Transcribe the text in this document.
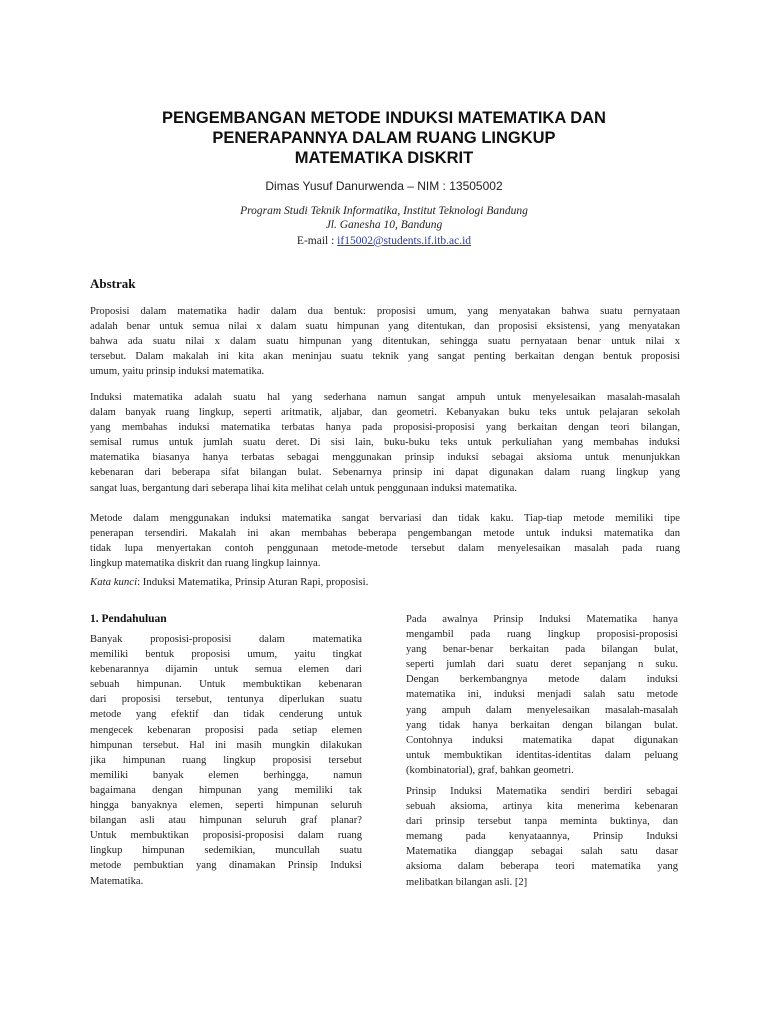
PENGEMBANGAN METODE INDUKSI MATEMATIKA DAN
PENERAPANNYA DALAM RUANG LINGKUP
MATEMATIKA DISKRIT
Dimas Yusuf Danurwenda – NIM : 13505002
Program Studi Teknik Informatika, Institut Teknologi Bandung
Jl. Ganesha 10, Bandung
E-mail : if15002@students.if.itb.ac.id
Abstrak
Proposisi dalam matematika hadir dalam dua bentuk: proposisi umum, yang menyatakan bahwa suatu pernyataan
adalah benar untuk semua nilai x dalam suatu himpunan yang ditentukan, dan proposisi eksistensi, yang menyatakan
bahwa ada suatu nilai x dalam suatu himpunan yang ditentukan, sehingga suatu pernyataan benar untuk nilai x
tersebut. Dalam makalah ini kita akan meninjau suatu teknik yang sangat penting berkaitan dengan bentuk proposisi
umum, yaitu prinsip induksi matematika.
Induksi matematika adalah suatu hal yang sederhana namun sangat ampuh untuk menyelesaikan masalah-masalah
dalam banyak ruang lingkup, seperti aritmatik, aljabar, dan geometri. Kebanyakan buku teks untuk pelajaran sekolah
yang membahas induksi matematika terbatas hanya pada proposisi-proposisi yang berkaitan dengan teori bilangan,
semisal rumus untuk jumlah suatu deret. Di sisi lain, buku-buku teks untuk perkuliahan yang membahas induksi
matematika biasanya hanya terbatas sebagai menggunakan prinsip induksi sebagai aksioma untuk menunjukkan
kebenaran dari beberapa sifat bilangan bulat. Sebenarnya prinsip ini dapat digunakan dalam ruang lingkup yang
sangat luas, bergantung dari seberapa lihai kita melihat celah untuk penggunaan induksi matematika.
Metode dalam menggunakan induksi matematika sangat bervariasi dan tidak kaku. Tiap-tiap metode memiliki tipe
penerapan tersendiri. Makalah ini akan membahas beberapa pengembangan metode untuk induksi matematika dan
tidak lupa menyertakan contoh penggunaan metode-metode tersebut dalam menyelesaikan masalah pada ruang
lingkup matematika diskrit dan ruang lingkup lainnya.
Kata kunci: Induksi Matematika, Prinsip Aturan Rapi, proposisi.
1. Pendahuluan
Banyak proposisi-proposisi dalam matematika
memiliki bentuk proposisi umum, yaitu tingkat
kebenarannya dijamin untuk semua elemen dari
sebuah himpunan. Untuk membuktikan kebenaran
dari proposisi tersebut, tentunya diperlukan suatu
metode yang efektif dan tidak cenderung untuk
mengecek kebenaran proposisi pada setiap elemen
himpunan tersebut. Hal ini masih mungkin dilakukan
jika himpunan ruang lingkup proposisi tersebut
memiliki banyak elemen berhingga, namun
bagaimana dengan himpunan yang memiliki tak
hingga banyaknya elemen, seperti himpunan seluruh
bilangan asli atau himpunan seluruh graf planar?
Untuk membuktikan proposisi-proposisi dalam ruang
lingkup himpunan sedemikian, muncullah suatu
metode pembuktian yang dinamakan Prinsip Induksi
Matematika.
Pada awalnya Prinsip Induksi Matematika hanya
mengambil pada ruang lingkup proposisi-proposisi
yang benar-benar berkaitan pada bilangan bulat,
seperti jumlah dari suatu deret sepanjang n suku.
Dengan berkembangnya metode dalam induksi
matematika ini, induksi menjadi salah satu metode
yang ampuh dalam menyelesaikan masalah-masalah
yang tidak hanya berkaitan dengan bilangan bulat.
Contohnya induksi matematika dapat digunakan
untuk membuktikan identitas-identitas dalam peluang
(kombinatorial), graf, bahkan geometri.
Prinsip Induksi Matematika sendiri berdiri sebagai
sebuah aksioma, artinya kita menerima kebenaran
dari prinsip tersebut tanpa meminta buktinya, dan
memang pada kenyataannya, Prinsip Induksi
Matematika dianggap sebagai salah satu dasar
aksioma dalam beberapa teori matematika yang
melibatkan bilangan asli. [2]
